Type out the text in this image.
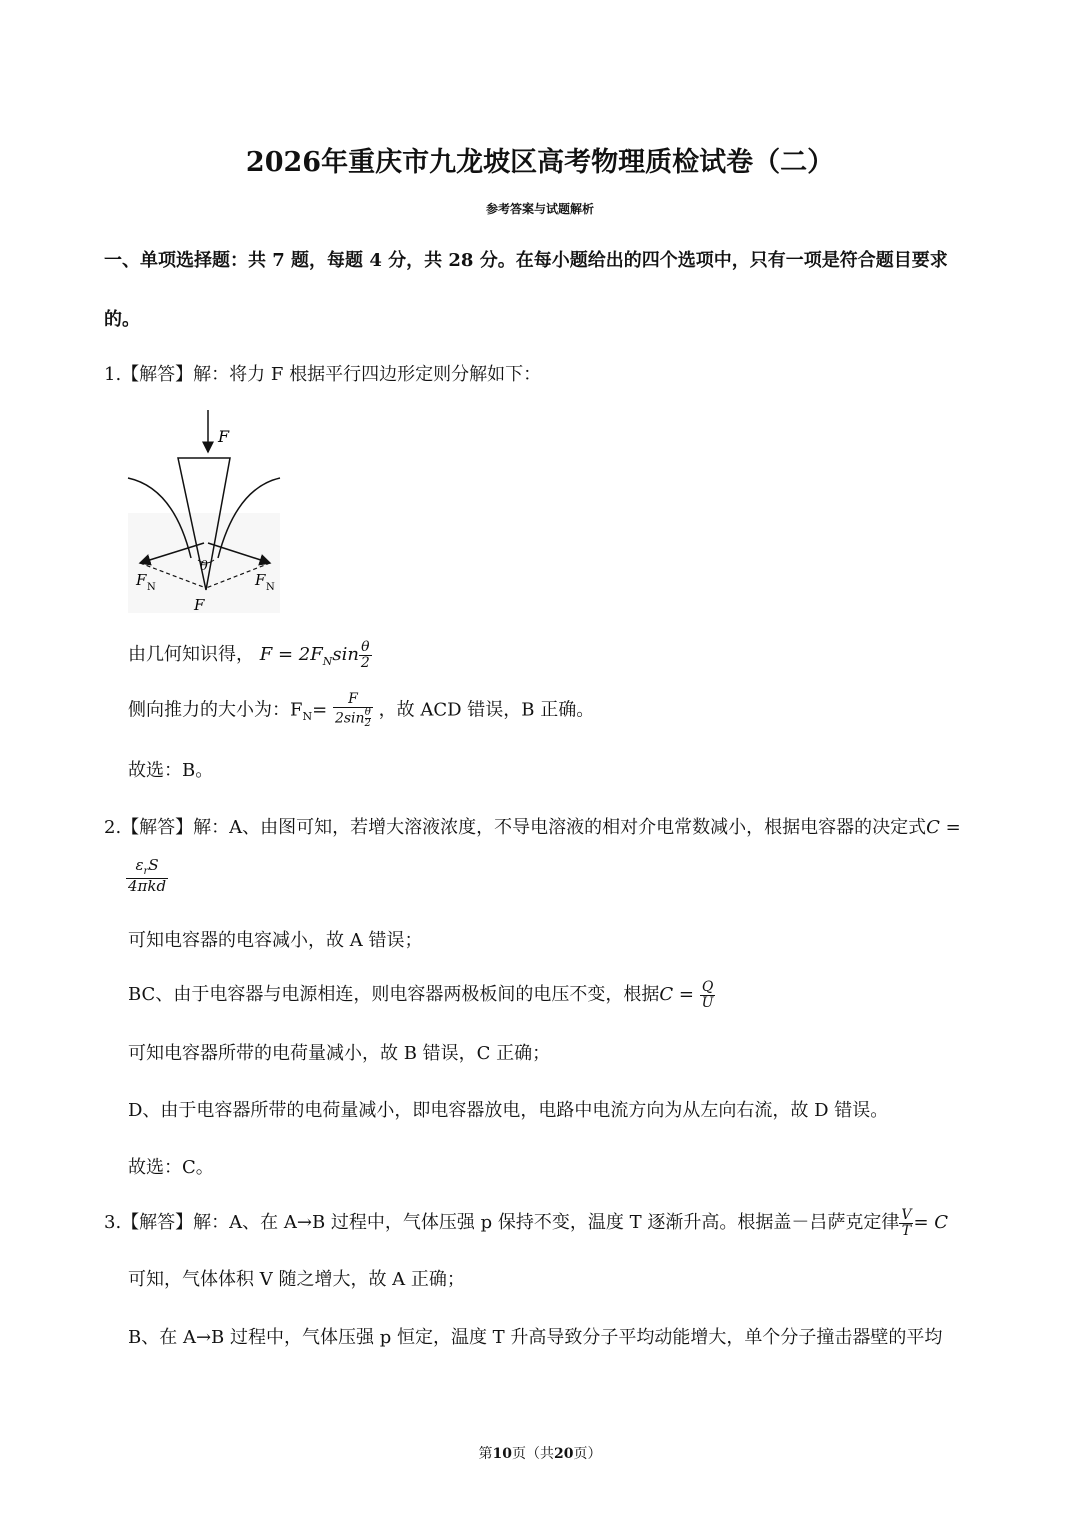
2026年重庆市九龙坡区高考物理质检试卷（二）
参考答案与试题解析
一、单项选择题：共 7 题，每题 4 分，共 28 分。在每小题给出的四个选项中，只有一项是符合题目要求
的。
1.【解答】解：将力 F 根据平行四边形定则分解如下：
F
θ
F N	F N
F
由几何知识得， $F = 2F_N\sin \frac{\theta}{2}$
侧向推力的大小为：$F_N= \frac{F}{2\sin \frac{\theta}{2}}$ ，故 ACD 错误，B 正确。
故选：B。
2.【解答】解：A、由图可知，若增大溶液浓度，不导电溶液的相对介电常数减小，根据电容器的决定式C =
$\frac{\varepsilon_rS}{\text{4πkd}}$
可知电容器的电容减小，故 A 错误；
BC、由于电容器与电源相连，则电容器两极板间的电压不变，根据$C = \frac{Q}{U}$
可知电容器所带的电荷量减小，故 B 错误，C 正确；
D、由于电容器所带的电荷量减小，即电容器放电，电路中电流方向为从左向右流，故 D 错误。
故选：C。
3.【解答】解：A、在 A→B 过程中，气体压强 p 保持不变，温度 T 逐渐升高。根据盖－吕萨克定律 $\frac{V}{T} = C$
可知，气体体积 V 随之增大，故 A 正确；
B、在 A→B 过程中，气体压强 p 恒定，温度 T 升高导致分子平均动能增大，单个分子撞击器壁的平均
第10页（共20页）
